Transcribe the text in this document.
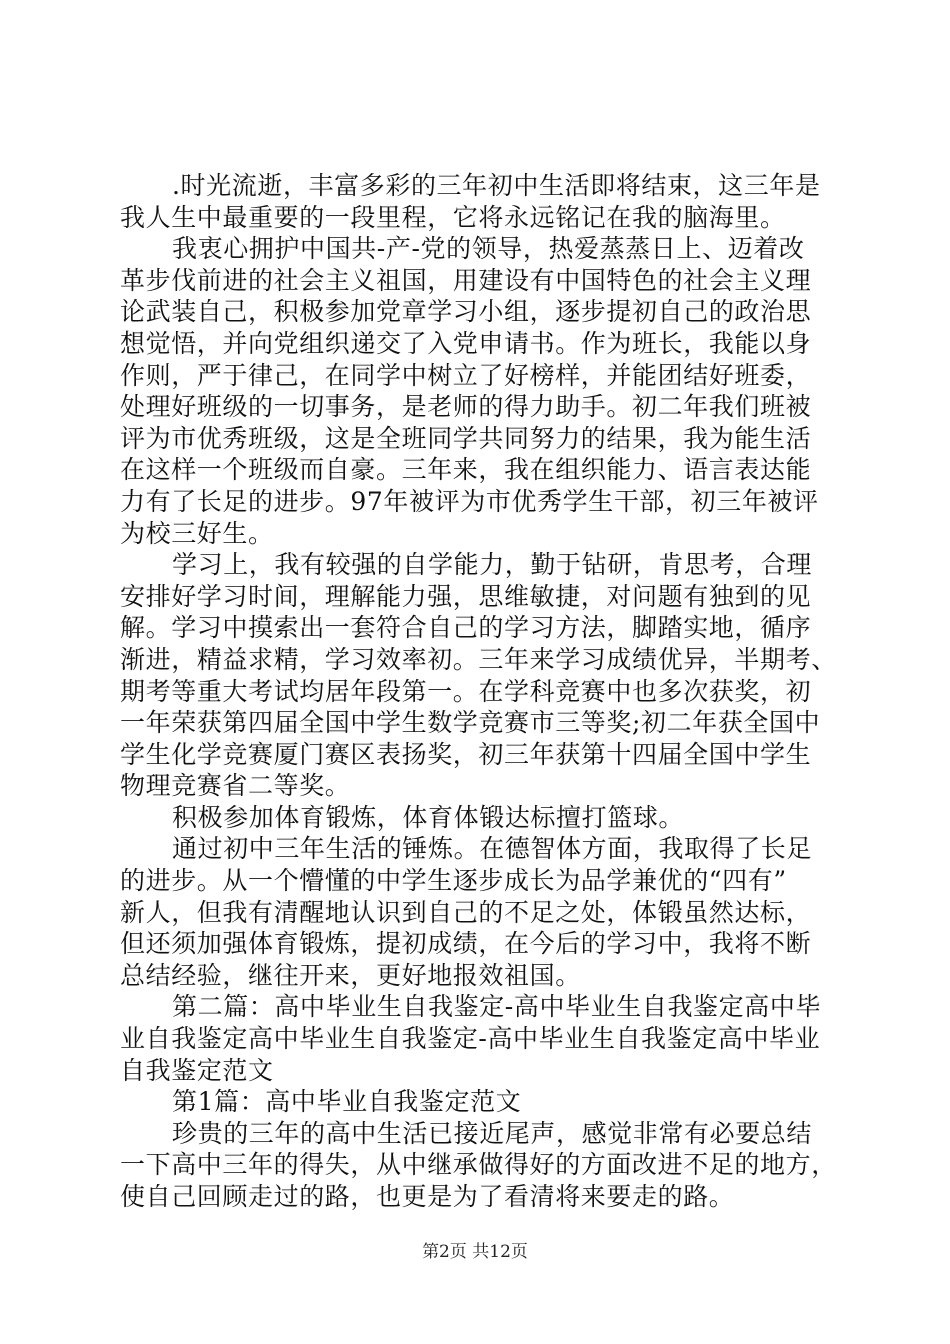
.时光流逝，丰富多彩的三年初中生活即将结束，这三年是
我人生中最重要的一段里程，它将永远铭记在我的脑海里。
我衷心拥护中国共-产-党的领导，热爱蒸蒸日上、迈着改
革步伐前进的社会主义祖国，用建设有中国特色的社会主义理
论武装自己，积极参加党章学习小组，逐步提初自己的政治思
想觉悟，并向党组织递交了入党申请书。作为班长，我能以身
作则，严于律己，在同学中树立了好榜样，并能团结好班委，
处理好班级的一切事务，是老师的得力助手。初二年我们班被
评为市优秀班级，这是全班同学共同努力的结果，我为能生活
在这样一个班级而自豪。三年来，我在组织能力、语言表达能
力有了长足的进步。97年被评为市优秀学生干部，初三年被评
为校三好生。
学习上，我有较强的自学能力，勤于钻研，肯思考，合理
安排好学习时间，理解能力强，思维敏捷，对问题有独到的见
解。学习中摸索出一套符合自己的学习方法，脚踏实地，循序
渐进，精益求精，学习效率初。三年来学习成绩优异，半期考、
期考等重大考试均居年段第一。在学科竞赛中也多次获奖，初
一年荣获第四届全国中学生数学竞赛市三等奖;初二年获全国中
学生化学竞赛厦门赛区表扬奖，初三年获第十四届全国中学生
物理竞赛省二等奖。
积极参加体育锻炼，体育体锻达标擅打篮球。
通过初中三年生活的锤炼。在德智体方面，我取得了长足
的进步。从一个懵懂的中学生逐步成长为品学兼优的“四有”
新人，但我有清醒地认识到自己的不足之处，体锻虽然达标，
但还须加强体育锻炼，提初成绩，在今后的学习中，我将不断
总结经验，继往开来，更好地报效祖国。
第二篇：高中毕业生自我鉴定-高中毕业生自我鉴定高中毕
业自我鉴定高中毕业生自我鉴定-高中毕业生自我鉴定高中毕业
自我鉴定范文
第1篇：高中毕业自我鉴定范文
珍贵的三年的高中生活已接近尾声，感觉非常有必要总结
一下高中三年的得失，从中继承做得好的方面改进不足的地方，
使自己回顾走过的路，也更是为了看清将来要走的路。
第2页 共12页
